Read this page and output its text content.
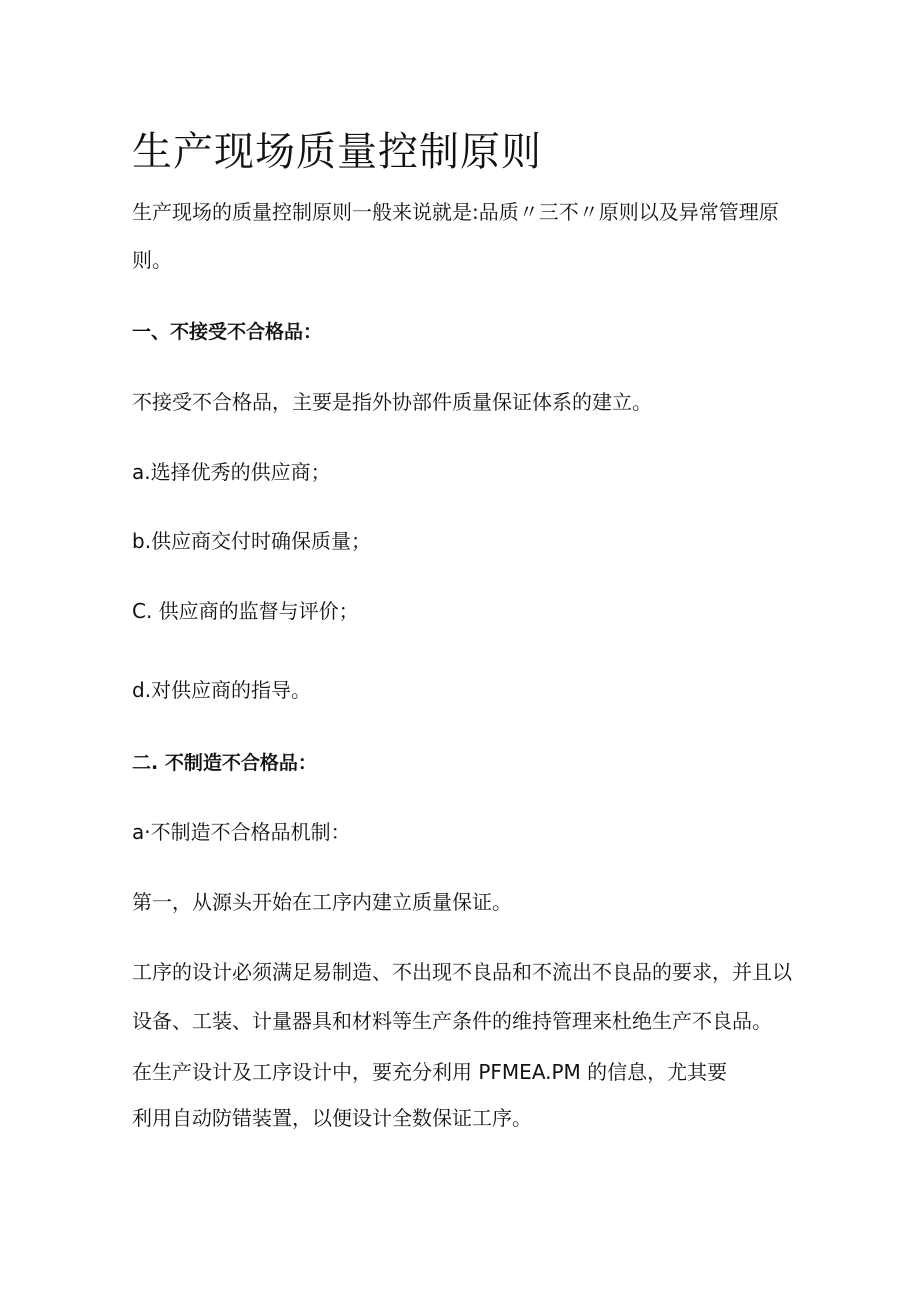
生产现场质量控制原则

生产现场的质量控制原则一般来说就是:品质〃三不〃原则以及异常管理原

则。

一、不接受不合格品：

不接受不合格品，主要是指外协部件质量保证体系的建立。

a.选择优秀的供应商；

b.供应商交付时确保质量；

C. 供应商的监督与评价；

d.对供应商的指导。

二. 不制造不合格品：

a·不制造不合格品机制：

第一，从源头开始在工序内建立质量保证。

工序的设计必须满足易制造、不出现不良品和不流出不良品的要求，并且以

设备、工装、计量器具和材料等生产条件的维持管理来杜绝生产不良品。

在生产设计及工序设计中，要充分利用 PFMEA.PM 的信息，尤其要

利用自动防错装置，以便设计全数保证工序。
